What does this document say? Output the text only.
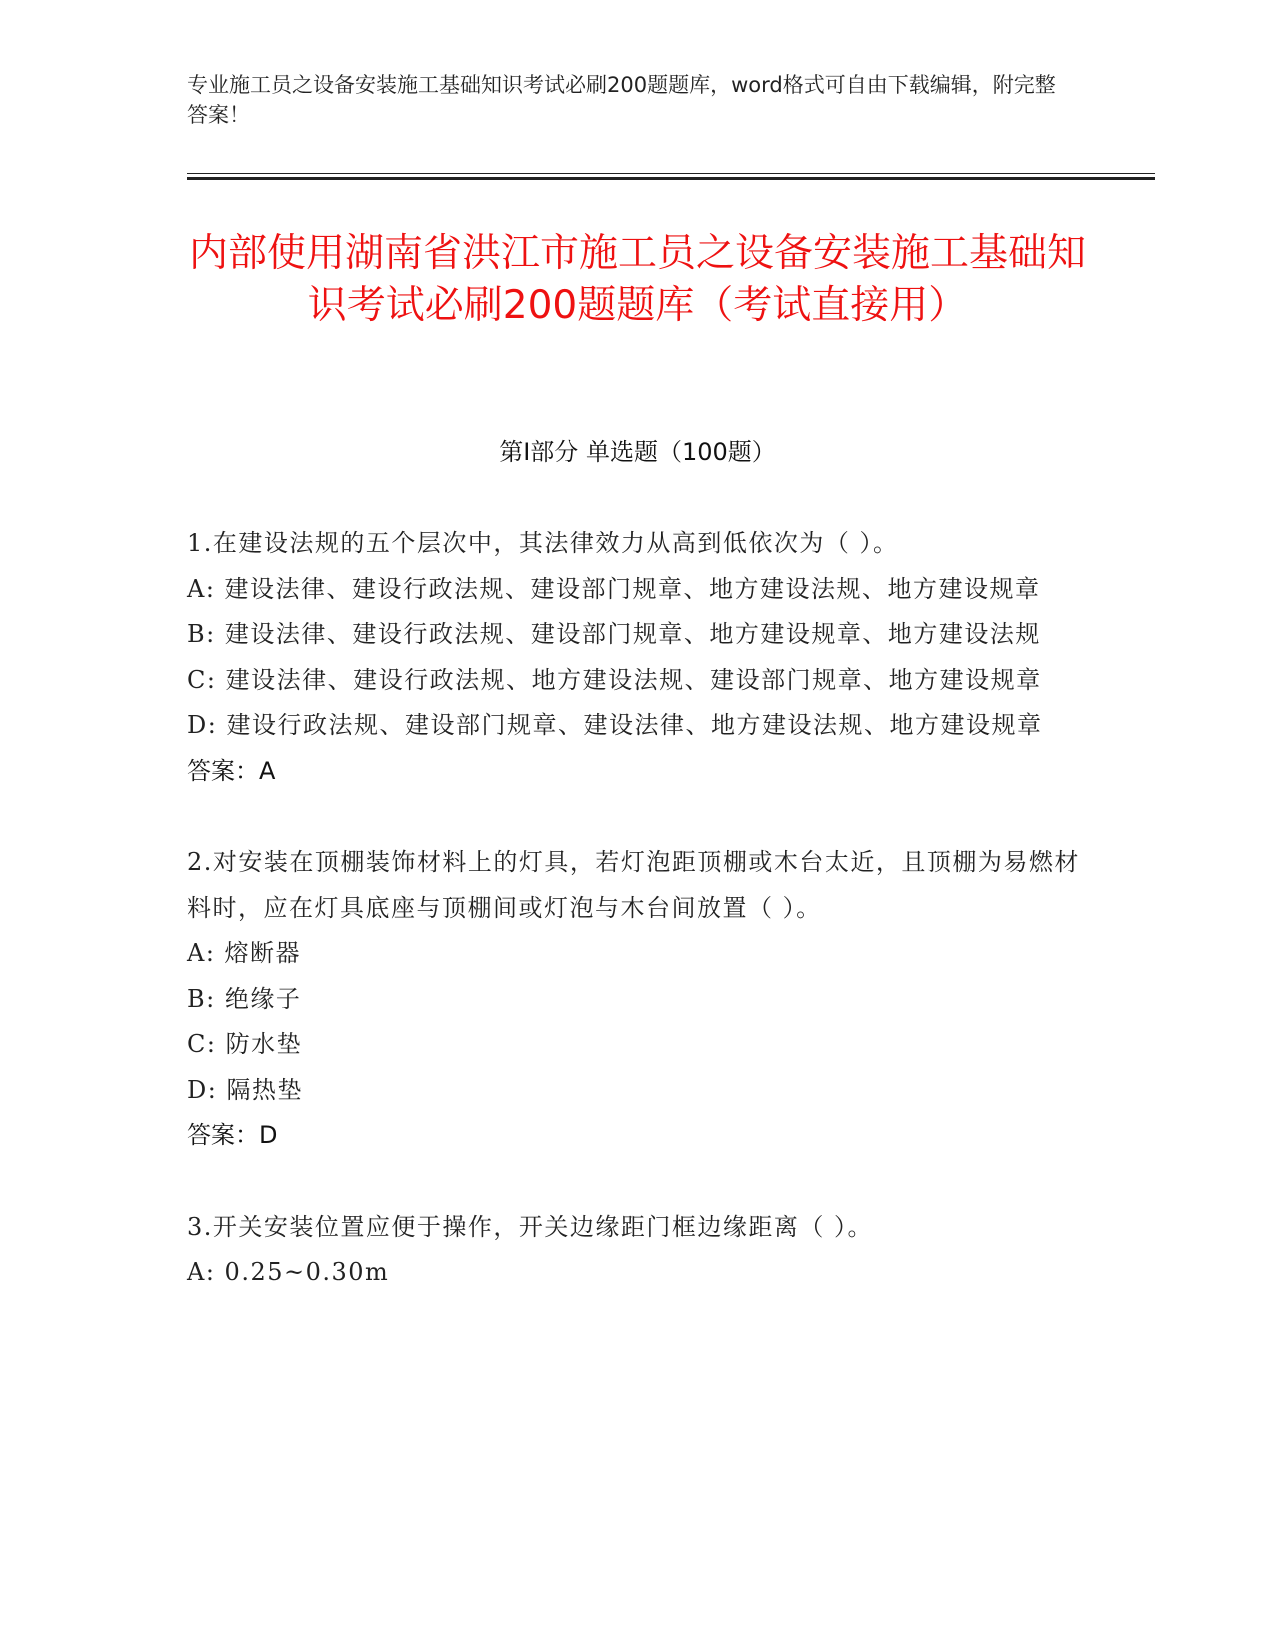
专业施工员之设备安装施工基础知识考试必刷200题题库，word格式可自由下载编辑，附完整答案！
内部使用湖南省洪江市施工员之设备安装施工基础知识考试必刷200题题库（考试直接用）
第Ⅰ部分 单选题（100题）

1.在建设法规的五个层次中，其法律效力从高到低依次为（ ）。

A: 建设法律、建设行政法规、建设部门规章、地方建设法规、地方建设规章

B: 建设法律、建设行政法规、建设部门规章、地方建设规章、地方建设法规

C: 建设法律、建设行政法规、地方建设法规、建设部门规章、地方建设规章

D: 建设行政法规、建设部门规章、建设法律、地方建设法规、地方建设规章

答案：A

2.对安装在顶棚装饰材料上的灯具，若灯泡距顶棚或木台太近，且顶棚为易燃材料时，应在灯具底座与顶棚间或灯泡与木台间放置（ ）。

A: 熔断器

B: 绝缘子

C: 防水垫

D: 隔热垫

答案：D

3.开关安装位置应便于操作，开关边缘距门框边缘距离（ ）。

A: 0.25~0.30m
